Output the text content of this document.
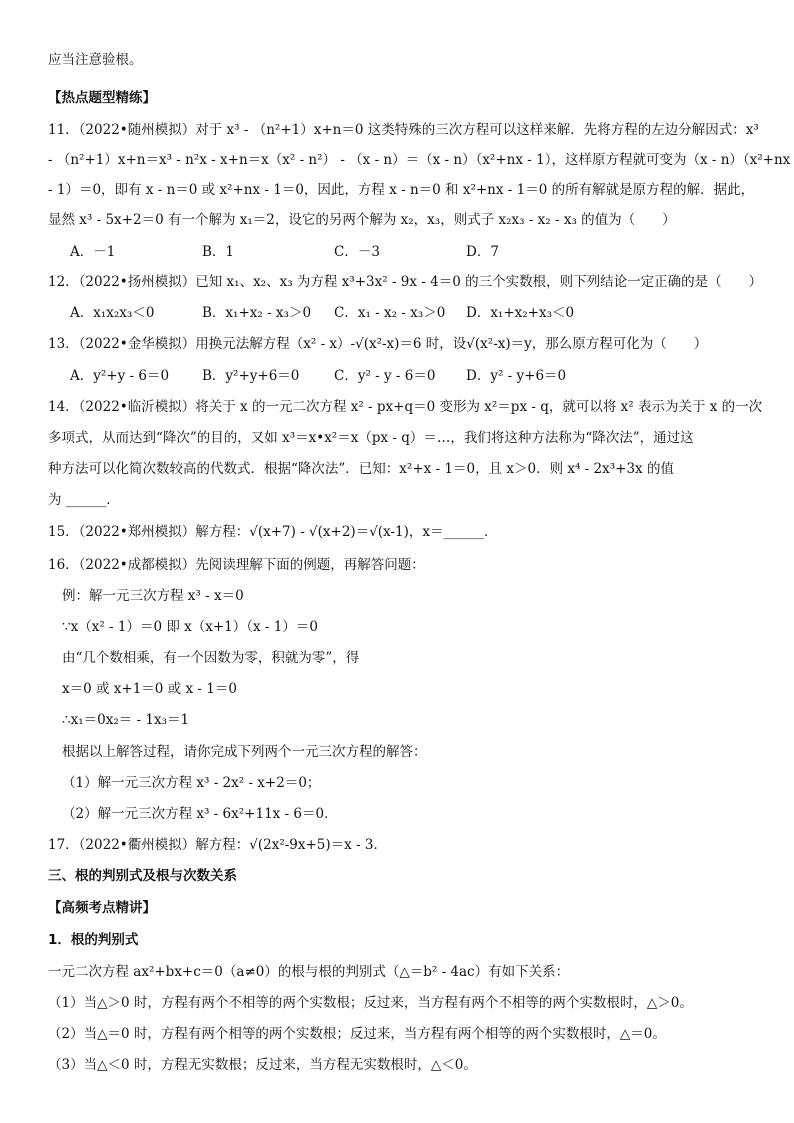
应当注意验根。
【热点题型精练】
11．（2022•随州模拟）对于 x³ - （n²+1）x+n＝0 这类特殊的三次方程可以这样来解．先将方程的左边分解因式：x³
- （n²+1）x+n＝x³ - n²x - x+n＝x（x² - n²） - （x - n）＝（x - n）（x²+nx - 1），这样原方程就可变为（x - n）（x²+nx
- 1）＝0，即有 x - n＝0 或 x²+nx - 1＝0，因此，方程 x - n＝0 和 x²+nx - 1＝0 的所有解就是原方程的解．据此，
显然 x³ - 5x+2＝0 有一个解为 x₁＝2，设它的另两个解为 x₂，x₃，则式子 x₂x₃ - x₂ - x₃ 的值为（　　）
12．（2022•扬州模拟）已知 x₁、x₂、x₃ 为方程 x³+3x² - 9x - 4＝0 的三个实数根，则下列结论一定正确的是（　　）
13．（2022•金华模拟）用换元法解方程（x² - x）-√(x²-x)＝6 时，设√(x²-x)＝y，那么原方程可化为（　　）
14．（2022•临沂模拟）将关于 x 的一元二次方程 x² - px+q＝0 变形为 x²＝px - q，就可以将 x² 表示为关于 x 的一次
多项式，从而达到“降次”的目的，又如 x³＝x•x²＝x（px - q）＝…，我们将这种方法称为“降次法”，通过这
种方法可以化简次数较高的代数式．根据“降次法”．已知：x²+x - 1＝0，且 x＞0．则 x⁴ - 2x³+3x 的值
为 ______．
15．（2022•郑州模拟）解方程：√(x+7) - √(x+2)＝√(x-1)，x＝______．
16．（2022•成都模拟）先阅读理解下面的例题，再解答问题：
例：解一元三次方程 x³ - x＝0
∵x（x² - 1）＝0 即 x（x+1）（x - 1）＝0
由“几个数相乘，有一个因数为零，积就为零”，得
x＝0 或 x+1＝0 或 x - 1＝0
∴x₁＝0x₂＝ - 1x₃＝1
根据以上解答过程，请你完成下列两个一元三次方程的解答：
（1）解一元三次方程 x³ - 2x² - x+2＝0；
（2）解一元三次方程 x³ - 6x²+11x - 6＝0．
17．（2022•衢州模拟）解方程：√(2x²-9x+5)＝x - 3．
三、根的判别式及根与次数关系
【高频考点精讲】
1．根的判别式
一元二次方程 ax²+bx+c＝0（a≠0）的根与根的判别式（△＝b² - 4ac）有如下关系：
（1）当△＞0 时，方程有两个不相等的两个实数根；反过来，当方程有两个不相等的两个实数根时，△＞0。
（2）当△＝0 时，方程有两个相等的两个实数根；反过来，当方程有两个相等的两个实数根时，△＝0。
（3）当△＜0 时，方程无实数根；反过来，当方程无实数根时，△＜0。
A．－1	B．1	C．－3	D．7
A．x₁x₂x₃＜0	B．x₁+x₂ - x₃＞0	C．x₁ - x₂ - x₃＞0	D．x₁+x₂+x₃＜0
A．y²+y - 6＝0	B．y²+y+6＝0	C．y² - y - 6＝0	D．y² - y+6＝0
